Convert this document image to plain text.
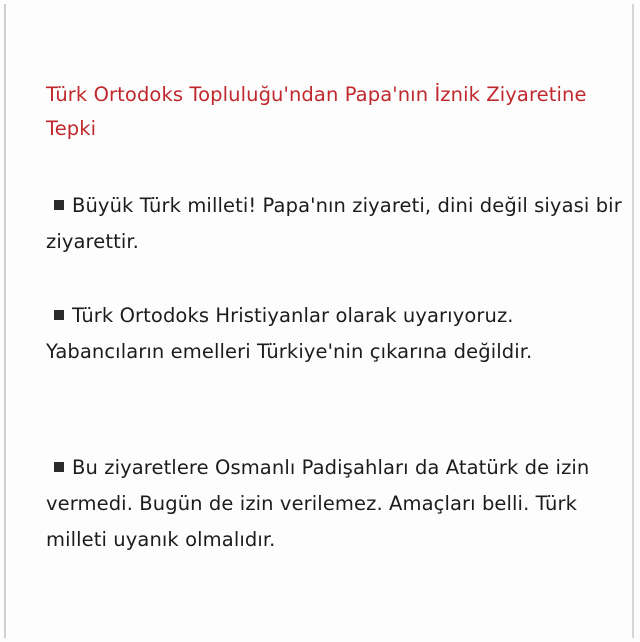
Türk Ortodoks Topluluğu'ndan Papa'nın İznik Ziyaretine Tepki

Büyük Türk milleti! Papa'nın ziyareti, dini değil siyasi bir ziyarettir.

Türk Ortodoks Hristiyanlar olarak uyarıyoruz. Yabancıların emelleri Türkiye'nin çıkarına değildir.

Bu ziyaretlere Osmanlı Padişahları da Atatürk de izin vermedi. Bugün de izin verilemez. Amaçları belli. Türk milleti uyanık olmalıdır.
